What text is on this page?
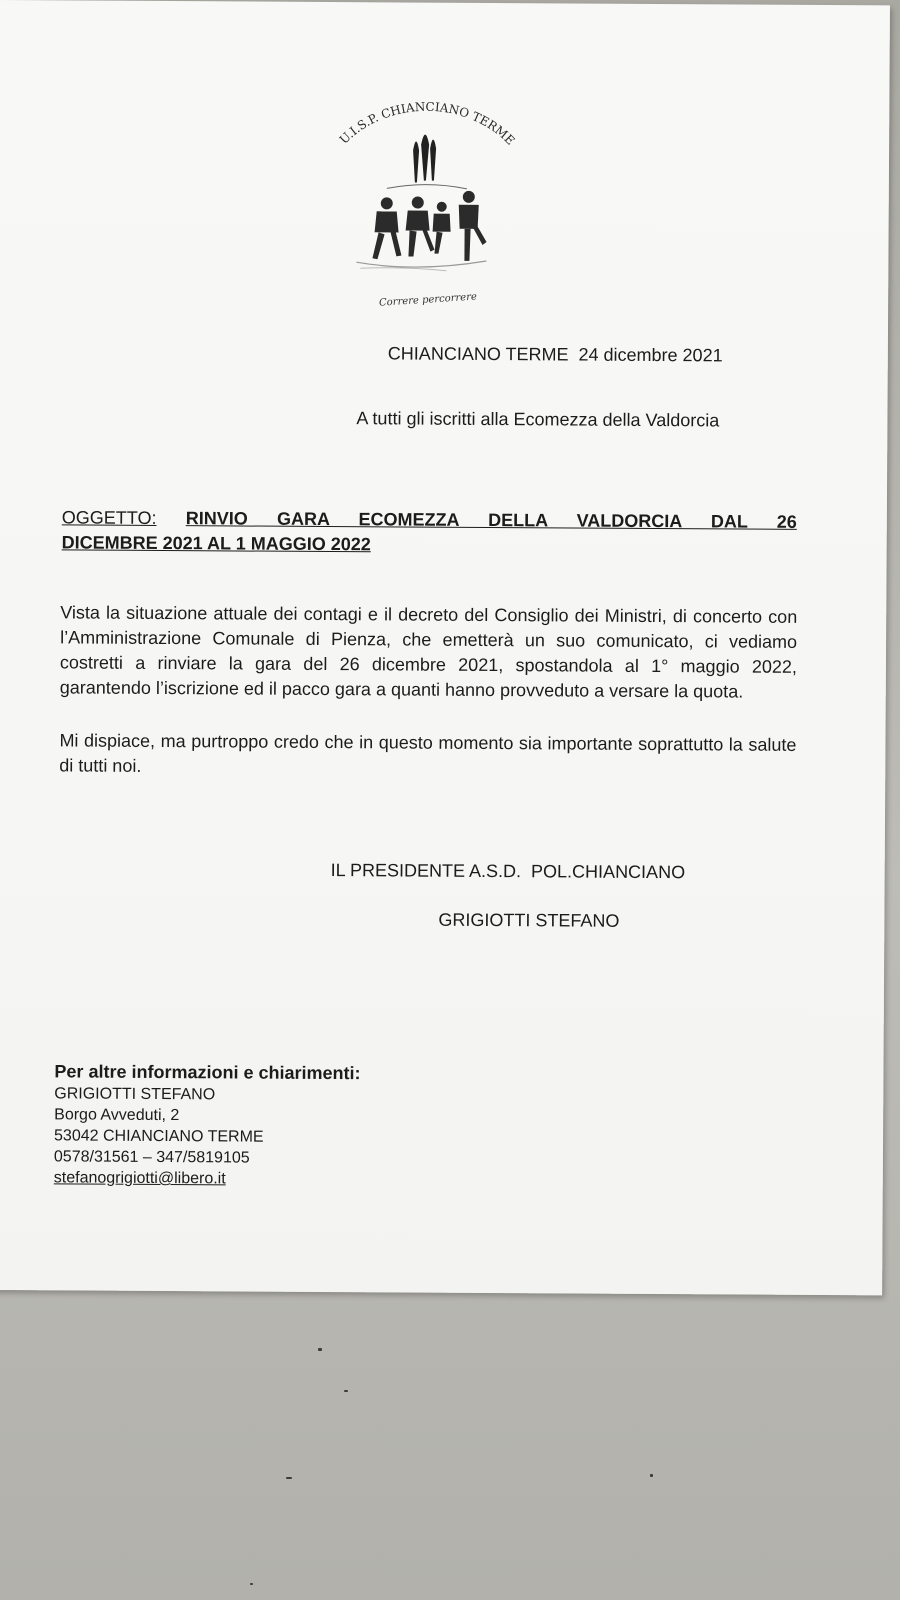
U.I.S.P. CHIANCIANO TERME
Correre percorrere
CHIANCIANO TERME  24 dicembre 2021
A tutti gli iscritti alla Ecomezza della Valdorcia
OGGETTO: RINVIO GARA ECOMEZZA DELLA VALDORCIA DAL 26
DICEMBRE 2021 AL 1 MAGGIO 2022
Vista la situazione attuale dei contagi e il decreto del Consiglio dei Ministri, di concerto con l’Amministrazione Comunale di Pienza, che emetterà un suo comunicato, ci vediamo costretti a rinviare la gara del 26 dicembre 2021, spostandola al 1° maggio 2022, garantendo l’iscrizione ed il pacco gara a quanti hanno provveduto a versare la quota.
Mi dispiace, ma purtroppo credo che in questo momento sia importante soprattutto la salute di tutti noi.
IL PRESIDENTE A.S.D.  POL.CHIANCIANO
GRIGIOTTI STEFANO
Per altre informazioni e chiarimenti:
GRIGIOTTI STEFANO
Borgo Avveduti, 2
53042 CHIANCIANO TERME
0578/31561 – 347/5819105
stefanogrigiotti@libero.it
